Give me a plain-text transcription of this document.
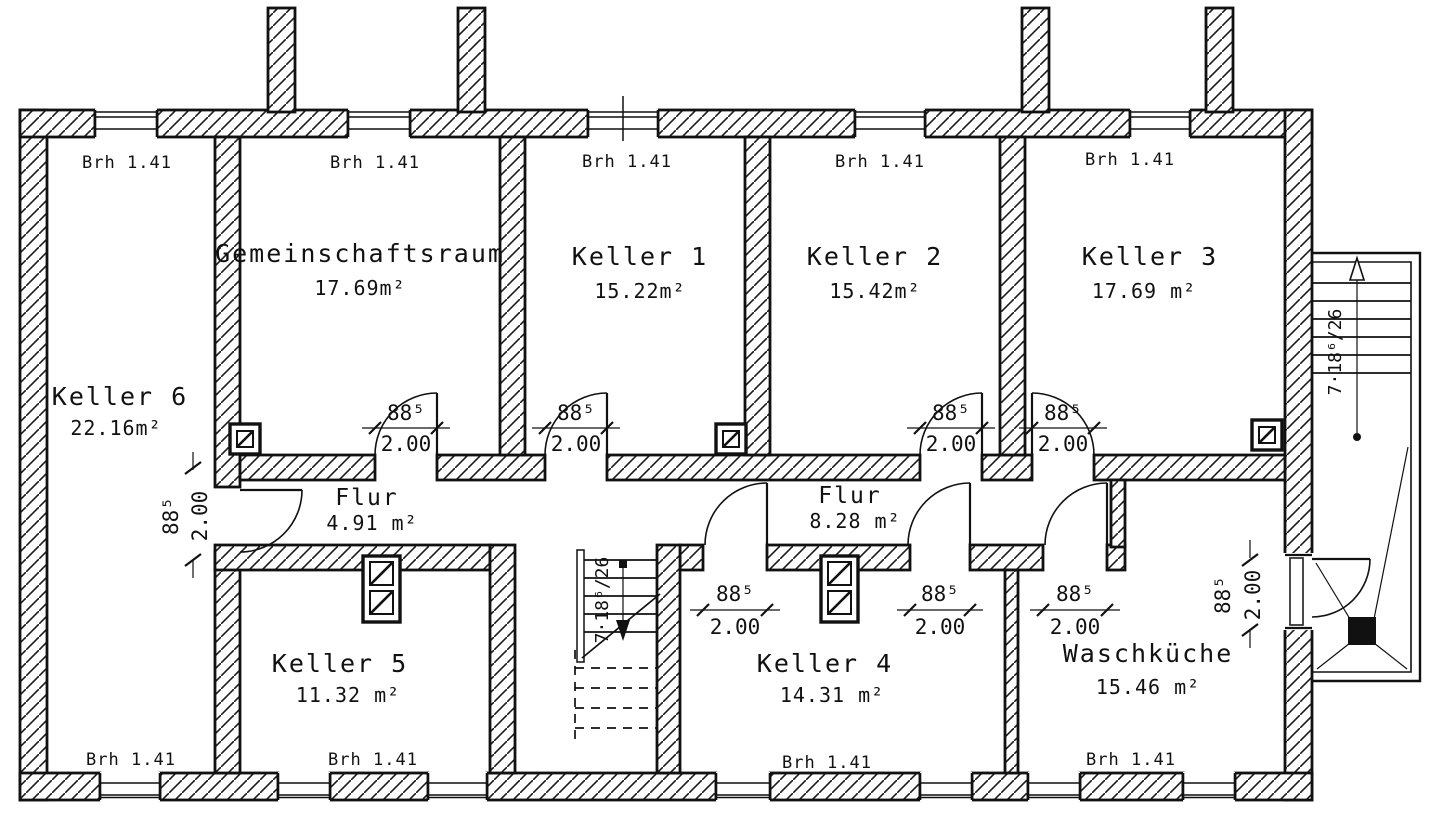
7·18⁶/26
7·18⁶/26
88⁵
2.00
88⁵
2.00
88⁵
2.00
88⁵
2.00
88⁵
2.00
88⁵
2.00
88⁵
2.00
88⁵ 2.00
88⁵ 2.00
Keller 6
22.16m²
Brh 1.41
Brh 1.41
Gemeinschaftsraum
17.69m²
Brh 1.41
Keller 1
15.22m²
Brh 1.41
Keller 2
15.42m²
Brh 1.41
Keller 3
17.69 m²
Brh 1.41
Keller 5
11.32 m²
Brh 1.41
Keller 4
14.31 m²
Brh 1.41
Waschküche
15.46 m²
Brh 1.41
Flur
4.91 m²
Flur
8.28 m²
